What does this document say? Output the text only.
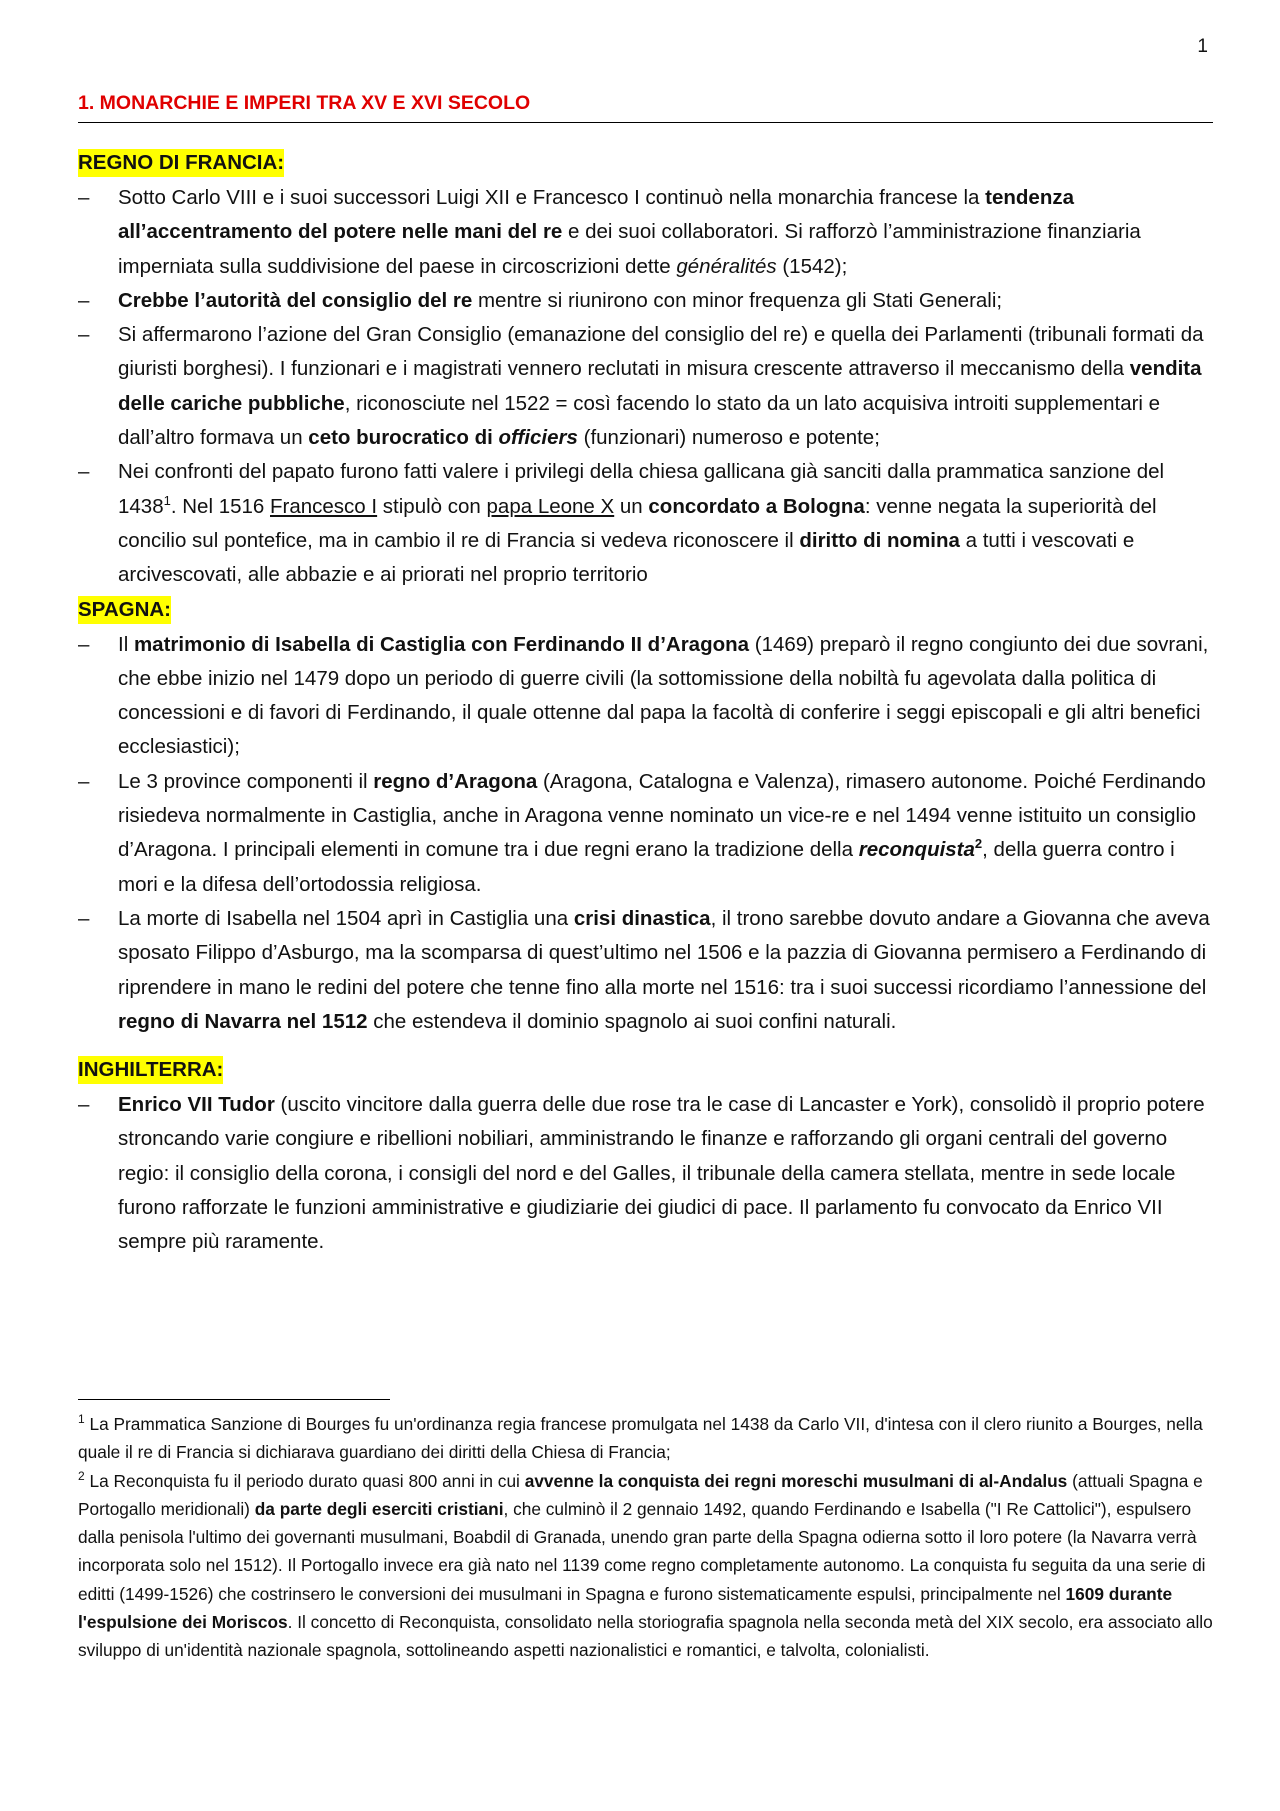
1
1. MONARCHIE E IMPERI TRA XV E XVI SECOLO
REGNO DI FRANCIA:
– Sotto Carlo VIII e i suoi successori Luigi XII e Francesco I continuò nella monarchia francese la tendenza all’accentramento del potere nelle mani del re e dei suoi collaboratori. Si rafforzò l’amministrazione finanziaria imperniata sulla suddivisione del paese in circoscrizioni dette généralités (1542);
– Crebbe l’autorità del consiglio del re mentre si riunirono con minor frequenza gli Stati Generali;
– Si affermarono l’azione del Gran Consiglio (emanazione del consiglio del re) e quella dei Parlamenti (tribunali formati da giuristi borghesi). I funzionari e i magistrati vennero reclutati in misura crescente attraverso il meccanismo della vendita delle cariche pubbliche, riconosciute nel 1522 = così facendo lo stato da un lato acquisiva introiti supplementari e dall’altro formava un ceto burocratico di officiers (funzionari) numeroso e potente;
– Nei confronti del papato furono fatti valere i privilegi della chiesa gallicana già sanciti dalla prammatica sanzione del 1438$^1$. Nel 1516 Francesco I stipulò con papa Leone X un concordato a Bologna: venne negata la superiorità del concilio sul pontefice, ma in cambio il re di Francia si vedeva riconoscere il diritto di nomina a tutti i vescovati e arcivescovati, alle abbazie e ai priorati nel proprio territorio
SPAGNA:
– Il matrimonio di Isabella di Castiglia con Ferdinando II d’Aragona (1469) preparò il regno congiunto dei due sovrani, che ebbe inizio nel 1479 dopo un periodo di guerre civili (la sottomissione della nobiltà fu agevolata dalla politica di concessioni e di favori di Ferdinando, il quale ottenne dal papa la facoltà di conferire i seggi episcopali e gli altri benefici ecclesiastici);
– Le 3 province componenti il regno d’Aragona (Aragona, Catalogna e Valenza), rimasero autonome. Poiché Ferdinando risiedeva normalmente in Castiglia, anche in Aragona venne nominato un vice-re e nel 1494 venne istituito un consiglio d’Aragona. I principali elementi in comune tra i due regni erano la tradizione della reconquista$^2$, della guerra contro i mori e la difesa dell’ortodossia religiosa.
– La morte di Isabella nel 1504 aprì in Castiglia una crisi dinastica, il trono sarebbe dovuto andare a Giovanna che aveva sposato Filippo d’Asburgo, ma la scomparsa di quest’ultimo nel 1506 e la pazzia di Giovanna permisero a Ferdinando di riprendere in mano le redini del potere che tenne fino alla morte nel 1516: tra i suoi successi ricordiamo l’annessione del regno di Navarra nel 1512 che estendeva il dominio spagnolo ai suoi confini naturali.
INGHILTERRA:
– Enrico VII Tudor (uscito vincitore dalla guerra delle due rose tra le case di Lancaster e York), consolidò il proprio potere stroncando varie congiure e ribellioni nobiliari, amministrando le finanze e rafforzando gli organi centrali del governo regio: il consiglio della corona, i consigli del nord e del Galles, il tribunale della camera stellata, mentre in sede locale furono rafforzate le funzioni amministrative e giudiziarie dei giudici di pace. Il parlamento fu convocato da Enrico VII sempre più raramente.

$^1$ La Prammatica Sanzione di Bourges fu un'ordinanza regia francese promulgata nel 1438 da Carlo VII, d'intesa con il clero riunito a Bourges, nella quale il re di Francia si dichiarava guardiano dei diritti della Chiesa di Francia;

$^2$ La Reconquista fu il periodo durato quasi 800 anni in cui avvenne la conquista dei regni moreschi musulmani di al-Andalus (attuali Spagna e Portogallo meridionali) da parte degli eserciti cristiani, che culminò il 2 gennaio 1492, quando Ferdinando e Isabella ("I Re Cattolici"), espulsero dalla penisola l'ultimo dei governanti musulmani, Boabdil di Granada, unendo gran parte della Spagna odierna sotto il loro potere (la Navarra verrà incorporata solo nel 1512). Il Portogallo invece era già nato nel 1139 come regno completamente autonomo. La conquista fu seguita da una serie di editti (1499-1526) che costrinsero le conversioni dei musulmani in Spagna e furono sistematicamente espulsi, principalmente nel 1609 durante l'espulsione dei Moriscos. Il concetto di Reconquista, consolidato nella storiografia spagnola nella seconda metà del XIX secolo, era associato allo sviluppo di un'identità nazionale spagnola, sottolineando aspetti nazionalistici e romantici, e talvolta, colonialisti.
